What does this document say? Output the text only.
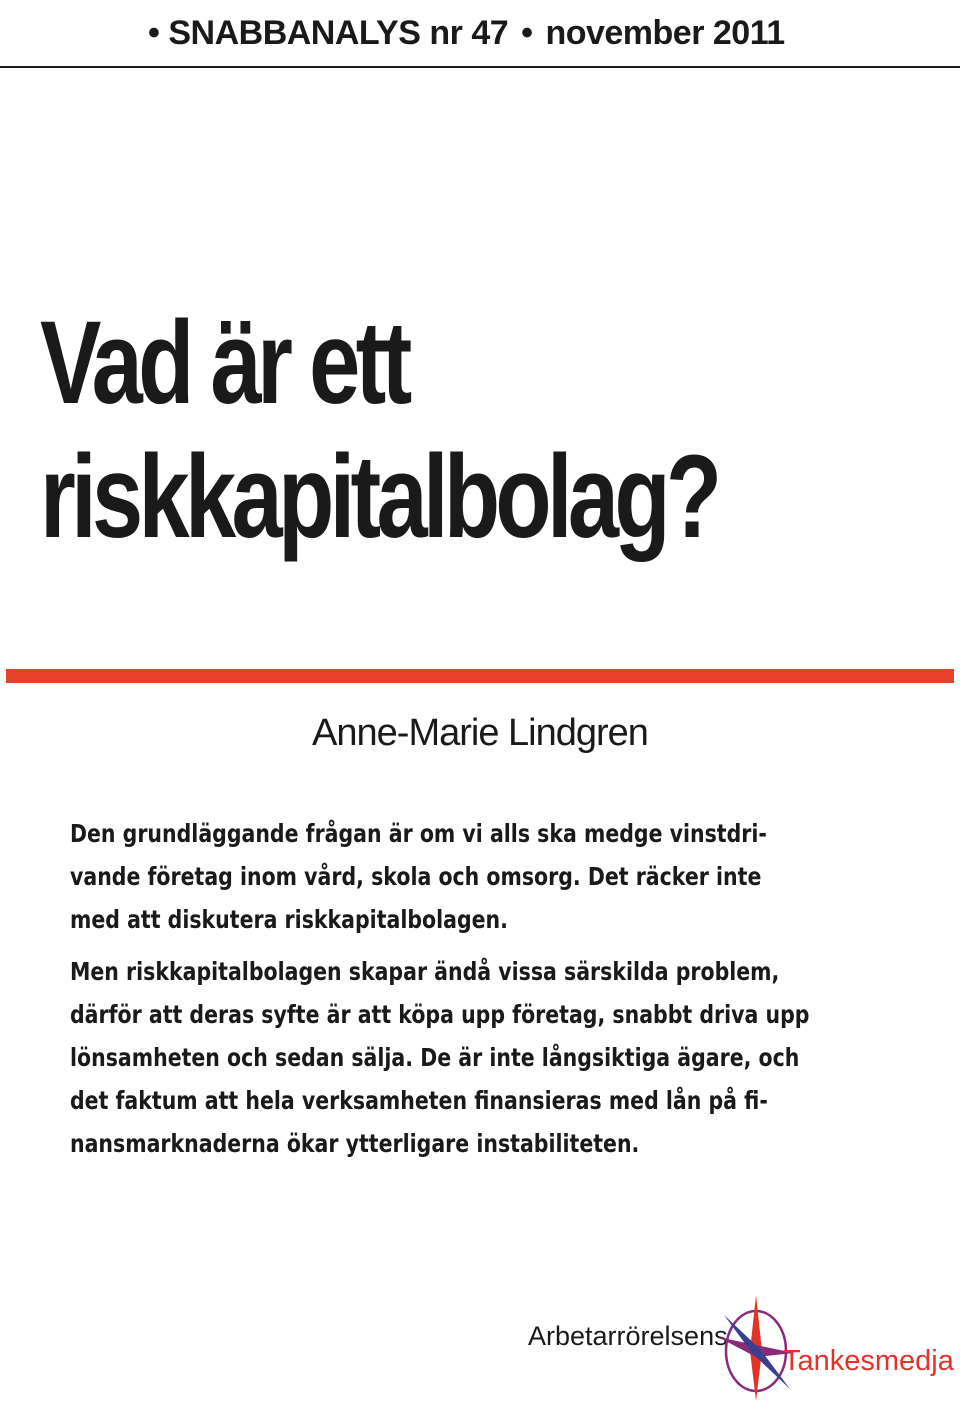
• SNABBANALYS nr 47 • november 2011
Vad är ett
riskkapitalbolag?
Anne-Marie Lindgren
Den grundläggande frågan är om vi alls ska medge vinstdri-
vande företag inom vård, skola och omsorg. Det räcker inte
med att diskutera riskkapitalbolagen.
Men riskkapitalbolagen skapar ändå vissa särskilda problem,
därför att deras syfte är att köpa upp företag, snabbt driva upp
lönsamheten och sedan sälja. De är inte långsiktiga ägare, och
det faktum att hela verksamheten finansieras med lån på fi-
nansmarknaderna ökar ytterligare instabiliteten.
Arbetarrörelsens
Tankesmedja
